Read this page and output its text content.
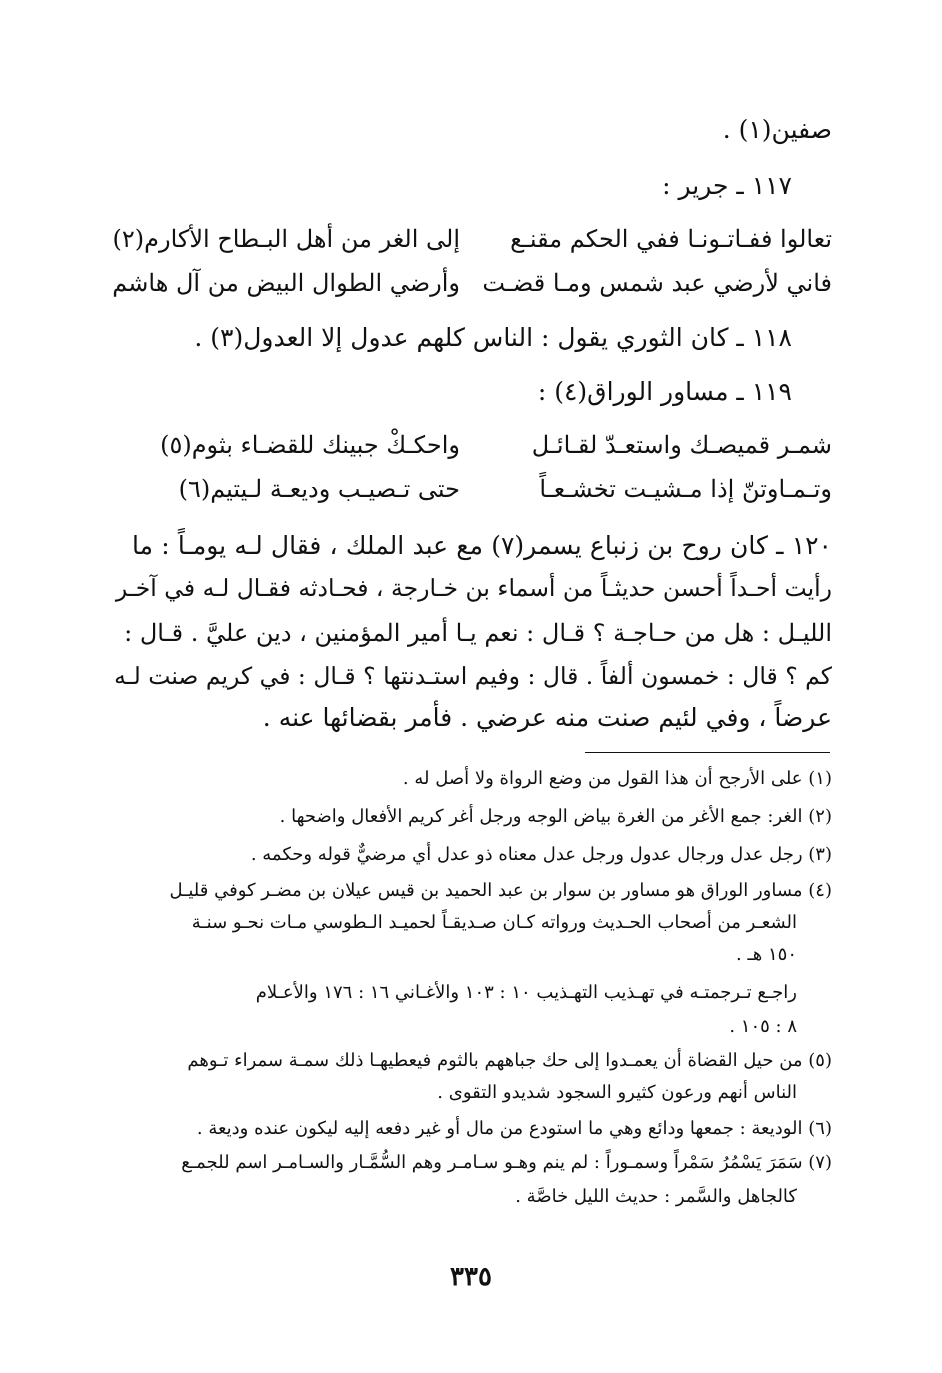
صفين(١) .
١١٧ ـ جرير :
تعالوا ففـاتـونـا ففي الحكم مقنـع
إلى الغر من أهل البـطاح الأكارم(٢)
فاني لأرضي عبد شمس ومـا قضـت
وأرضي الطوال البيض من آل هاشم
١١٨ ـ كان الثوري يقول : الناس كلهم عدول إلا العدول(٣) .
١١٩ ـ مساور الوراق(٤) :
شمـر قميصـك واستعـدّ لقـائـل
واحكـكْ جبينك للقضـاء بثوم(٥)
وتـمـاوتنّ إذا مـشيـت تخشـعـاً
حتى تـصيـب وديعـة لـيتيم(٦)
١٢٠ ـ كان روح بن زنباع يسمر(٧) مع عبد الملك ، فقال لـه يومـاً : ما
رأيت أحـداً أحسن حديثـاً من أسماء بن خـارجة ، فحـادثه فقـال لـه في آخـر
الليـل : هل من حـاجـة ؟ قـال : نعم يـا أمير المؤمنين ، دين عليَّ . قـال :
كم ؟ قال : خمسون ألفاً . قال : وفيم استـدنتها ؟ قـال : في كريم صنت لـه
عرضاً ، وفي لئيم صنت منه عرضي . فأمر بقضائها عنه .
(١) على الأرجح أن هذا القول من وضع الرواة ولا أصل له .
(٢) الغر: جمع الأغر من الغرة بياض الوجه ورجل أغر كريم الأفعال واضحها .
(٣) رجل عدل ورجال عدول ورجل عدل معناه ذو عدل أي مرضيٌّ قوله وحكمه .
(٤) مساور الوراق هو مساور بن سوار بن عبد الحميد بن قيس عيلان بن مضـر كوفي قليـل
الشعـر من أصحاب الحـديث ورواته كـان صـديقـاً لحميـد الـطوسي مـات نحـو سنـة
١٥٠ هـ .
راجـع تـرجمتـه في تهـذيب التهـذيب ١٠ : ١٠٣ والأغـاني ١٦ : ١٧٦ والأعـلام
٨ : ١٠٥ .
(٥) من حيل القضاة أن يعمـدوا إلى حك جباههم بالثوم فيعطيهـا ذلك سمـة سمراء تـوهم
الناس أنهم ورعون كثيرو السجود شديدو التقوى .
(٦) الوديعة : جمعها ودائع وهي ما استودع من مال أو غير دفعه إليه ليكون عنده وديعة .
(٧) سَمَرَ يَسْمُرُ سَمْراً وسمـوراً : لم ينم وهـو سـامـر وهم السُّمَّـار والسـامـر اسم للجمـع
كالجاهل والسَّمر : حديث الليل خاصَّة .
٣٣٥
